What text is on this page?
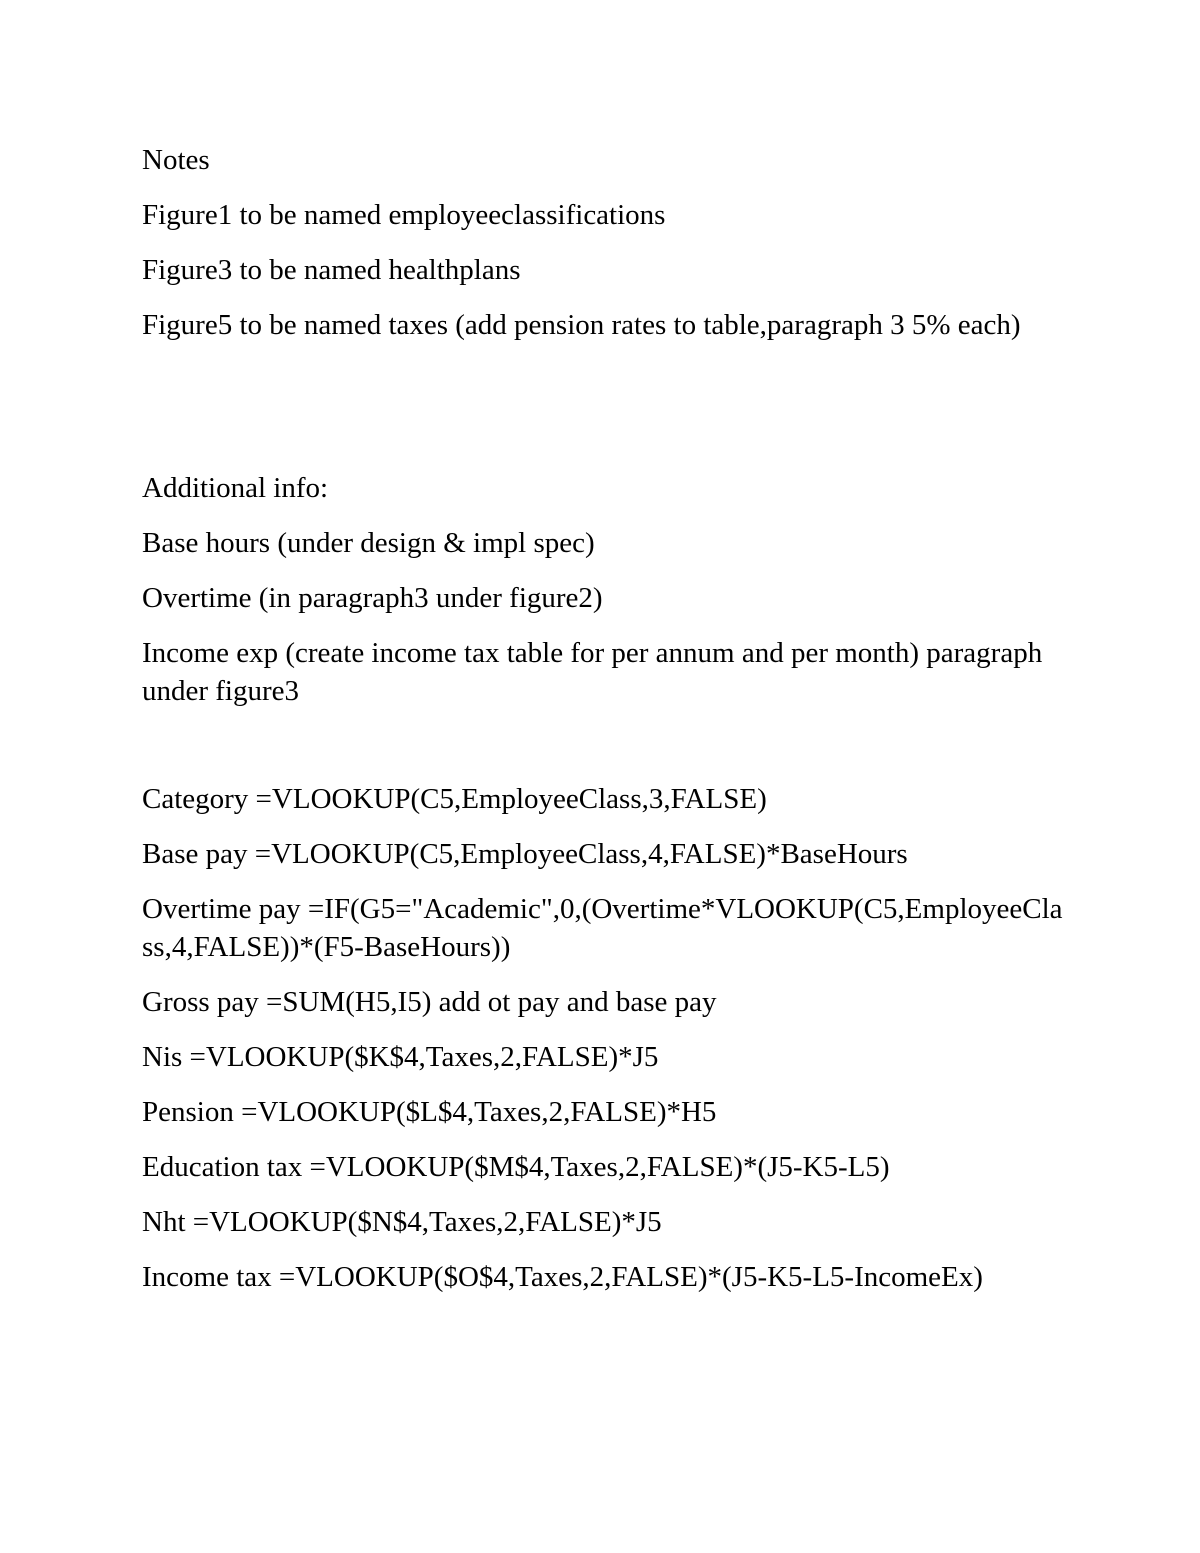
Notes

Figure1 to be named employeeclassifications

Figure3 to be named healthplans

Figure5 to be named taxes (add pension rates to table,paragraph 3 5% each)

Additional info:

Base hours (under design & impl spec)

Overtime (in paragraph3 under figure2)

Income exp (create income tax table for per annum and per month) paragraph under figure3

Category =VLOOKUP(C5,EmployeeClass,3,FALSE)

Base pay =VLOOKUP(C5,EmployeeClass,4,FALSE)*BaseHours

Overtime pay =IF(G5="Academic",0,(Overtime*VLOOKUP(C5,EmployeeClass,4,FALSE))*(F5-BaseHours))

Gross pay =SUM(H5,I5) add ot pay and base pay

Nis =VLOOKUP($K$4,Taxes,2,FALSE)*J5

Pension =VLOOKUP($L$4,Taxes,2,FALSE)*H5

Education tax =VLOOKUP($M$4,Taxes,2,FALSE)*(J5-K5-L5)

Nht =VLOOKUP($N$4,Taxes,2,FALSE)*J5

Income tax =VLOOKUP($O$4,Taxes,2,FALSE)*(J5-K5-L5-IncomeEx)
